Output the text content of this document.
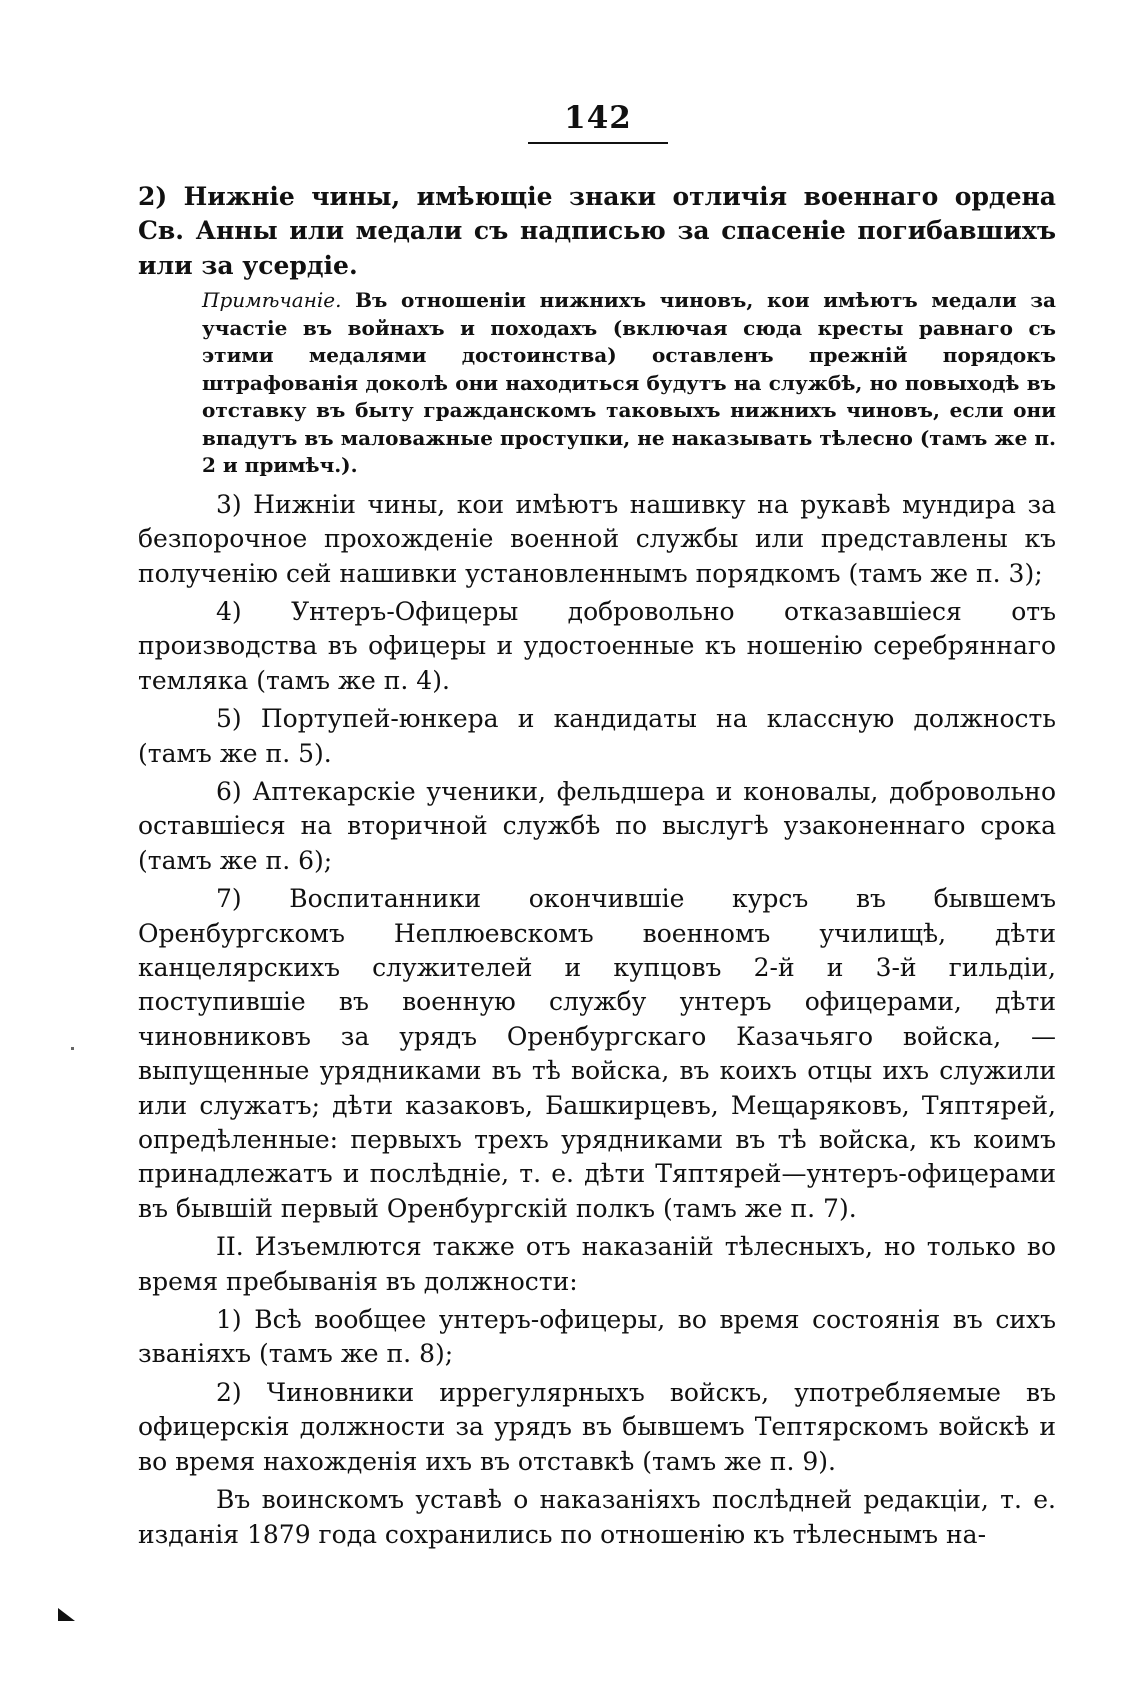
142

2) Нижніе чины, имѣющіе знаки отличія военнаго ордена Св. Анны или медали съ надписью за спасеніе погибавшихъ или за усердіе.

Примѣчаніе. Въ отношеніи нижнихъ чиновъ, кои имѣютъ медали за участіе въ войнахъ и походахъ (включая сюда кресты равнаго съ этими медалями достоинства) оставленъ прежній порядокъ штрафованія доколѣ они находиться будутъ на службѣ, но повыходѣ въ отставку въ быту гражданскомъ таковыхъ нижнихъ чиновъ, если они впадутъ въ маловажные проступки, не наказывать тѣлесно (тамъ же п. 2 и примѣч.).

3) Нижніи чины, кои имѣютъ нашивку на рукавѣ мундира за безпорочное прохожденіе военной службы или представлены къ полученію сей нашивки установленнымъ порядкомъ (тамъ же п. 3);

4) Унтеръ-Офицеры добровольно отказавшіеся отъ производства въ офицеры и удостоенные къ ношенію серебряннаго темляка (тамъ же п. 4).

5) Портупей-юнкера и кандидаты на классную должность (тамъ же п. 5).

6) Аптекарскіе ученики, фельдшера и коновалы, добровольно оставшіеся на вторичной службѣ по выслугѣ узаконеннаго срока (тамъ же п. 6);

7) Воспитанники окончившіе курсъ въ бывшемъ Оренбургскомъ Неплюевскомъ военномъ училищѣ, дѣти канцелярскихъ служителей и купцовъ 2-й и 3-й гильдіи, поступившіе въ военную службу унтеръ офицерами, дѣти чиновниковъ за урядъ Оренбургскаго Казачьяго войска, — выпущенные урядниками въ тѣ войска, въ коихъ отцы ихъ служили или служатъ; дѣти казаковъ, Башкирцевъ, Мещаряковъ, Тяптярей, опредѣленные: первыхъ трехъ урядниками въ тѣ войска, къ коимъ принадлежатъ и послѣдніе, т. е. дѣти Тяптярей—унтеръ-офицерами въ бывшій первый Оренбургскій полкъ (тамъ же п. 7).

II. Изъемлются также отъ наказаній тѣлесныхъ, но только во время пребыванія въ должности:

1) Всѣ вообщее унтеръ-офицеры, во время состоянія въ сихъ званіяхъ (тамъ же п. 8);

2) Чиновники иррегулярныхъ войскъ, употребляемые въ офицерскія должности за урядъ въ бывшемъ Тептярскомъ войскѣ и во время нахожденія ихъ въ отставкѣ (тамъ же п. 9).

Въ воинскомъ уставѣ о наказаніяхъ послѣдней редакціи, т. е. изданія 1879 года сохранились по отношенію къ тѣлеснымъ на-
